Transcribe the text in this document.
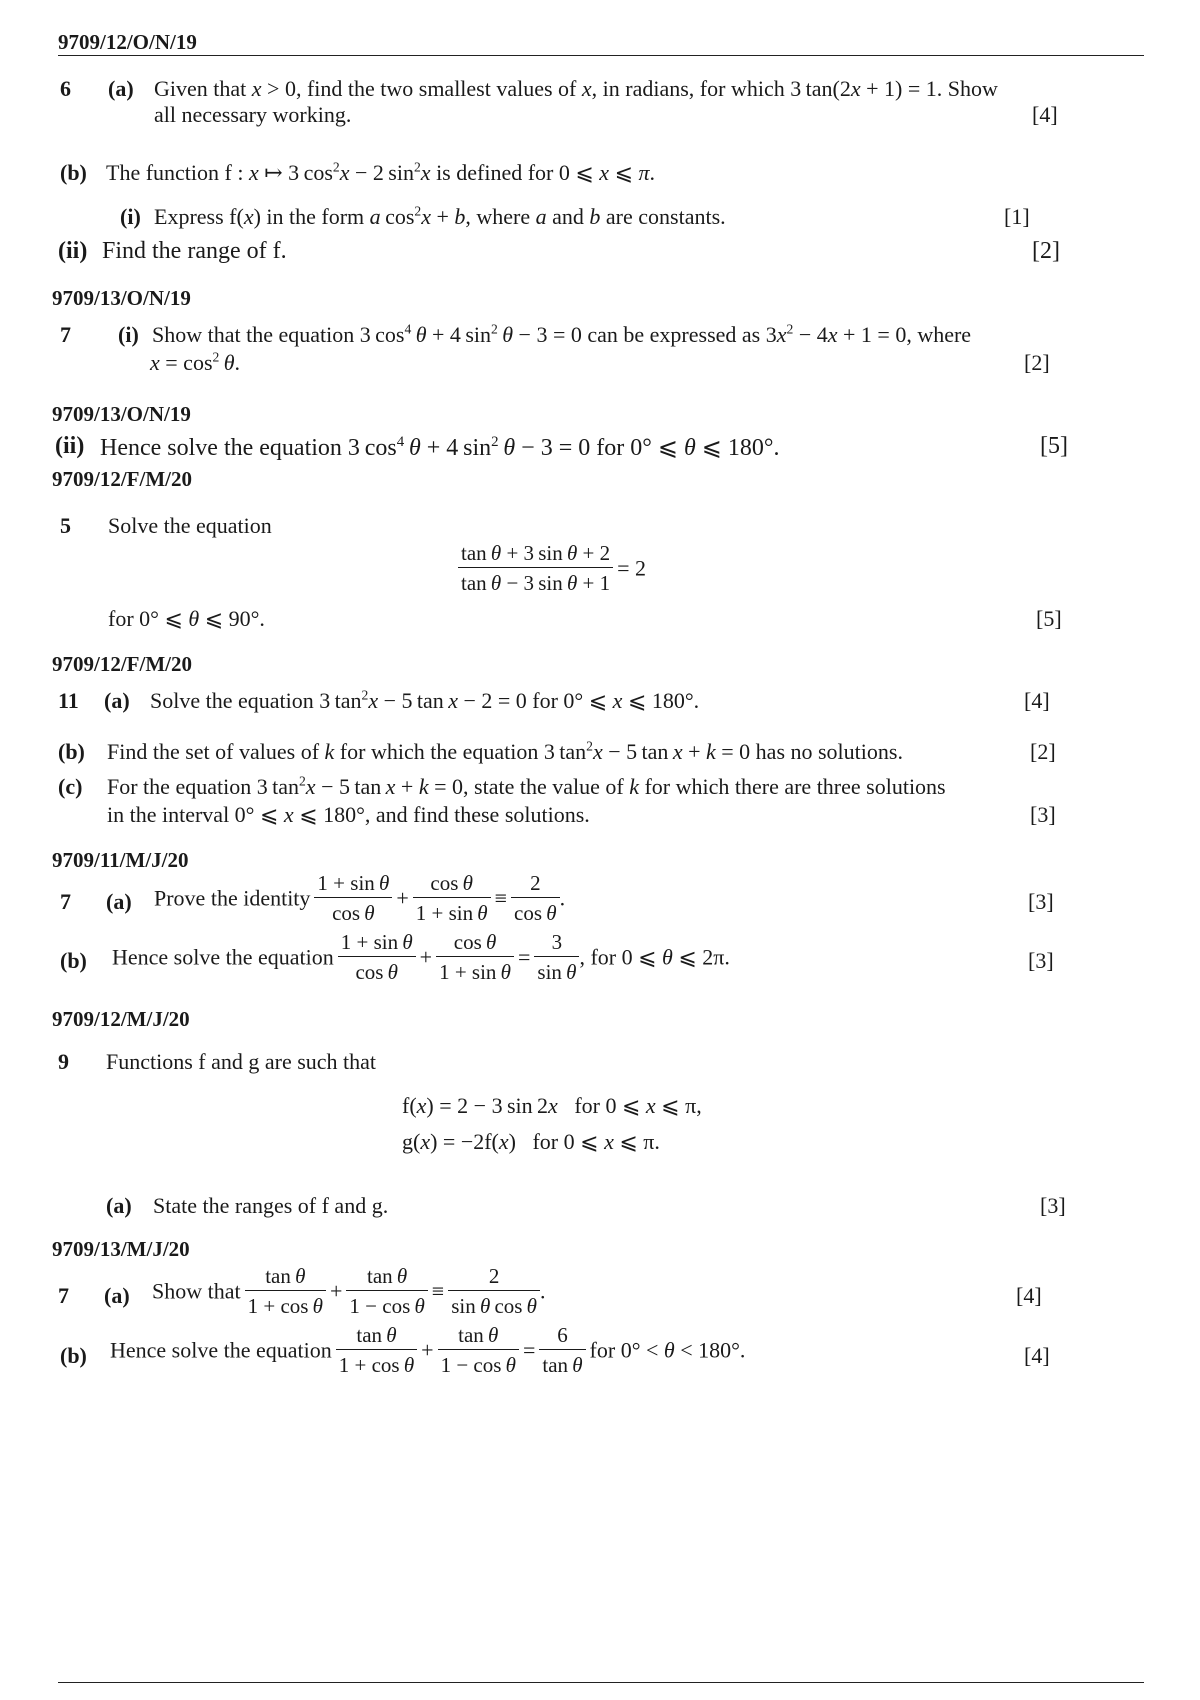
9709/12/O/N/19
6 (a) Given that x > 0, find the two smallest values of x, in radians, for which 3 tan(2x + 1) = 1. Show
all necessary working.	[4]
(b) The function f : x ↦ 3 $\cos^2x - 2$ $\sin^2x$ is defined for 0 ⩽ x ⩽ π.
(i) Express f(x) in the form a $\cos^2x + b$, where a and b are constants.	[1]
(ii) Find the range of f.	[2]
9709/13/O/N/19
7 (i) Show that the equation 3 $\cos^4 \theta + 4$ $\sin^2 \theta - 3 = 0$ can be expressed as $3x^2 - 4x + 1 = 0$, where
$x = \cos^2 \theta$.	[2]
9709/13/O/N/19
(ii) Hence solve the equation 3 $\cos^4 \theta + 4$ $\sin^2 \theta - 3 = 0$ for 0° ⩽ θ ⩽ 180°.	[5]
9709/12/F/M/20
5 Solve the equation
$\frac{\text{tan θ + 3 sin θ + 2}}{\text{tan θ − 3 sin θ + 1}} = 2$
for 0° ⩽ θ ⩽ 90°.	[5]
9709/12/F/M/20
11 (a) Solve the equation 3 $\tan^2x - 5$ tan x − 2 = 0 for 0° ⩽ x ⩽ 180°.	[4]
(b) Find the set of values of k for which the equation 3 $\tan^2x - 5$ tan x + k = 0 has no solutions.	[2]
(c) For the equation 3 $\tan^2x - 5$ tan x + k = 0, state the value of k for which there are three solutions
in the interval 0° ⩽ x ⩽ 180°, and find these solutions.	[3]
9709/11/M/J/20
7 (a) Prove the identity $\frac{\text{1 + sin θ}}{\text{cos θ}} + \frac{\text{cos θ}}{\text{1 + sin θ}} \equiv \frac{2}{\text{cos θ}}$ .	[3]
(b) Hence solve the equation $\frac{\text{1 + sin θ}}{\text{cos θ}} + \frac{\text{cos θ}}{\text{1 + sin θ}} = \frac{3}{\text{sin θ}}$ , for 0 ⩽ θ ⩽ 2π.	[3]
9709/12/M/J/20
9 Functions f and g are such that
f(x) = 2 − 3 sin 2x   for 0 ⩽ x ⩽ π,
g(x) = −2f(x)   for 0 ⩽ x ⩽ π.
(a) State the ranges of f and g.	[3]
9709/13/M/J/20
7 (a) Show that $\frac{\text{tan θ}}{\text{1 + cos θ}} + \frac{\text{tan θ}}{\text{1 − cos θ}} \equiv \frac{2}{\text{sin θ cos θ}}$ .	[4]
(b) Hence solve the equation $\frac{\text{tan θ}}{\text{1 + cos θ}} + \frac{\text{tan θ}}{\text{1 − cos θ}} = \frac{6}{\text{tan θ}}$ for 0° < θ < 180°.	[4]
